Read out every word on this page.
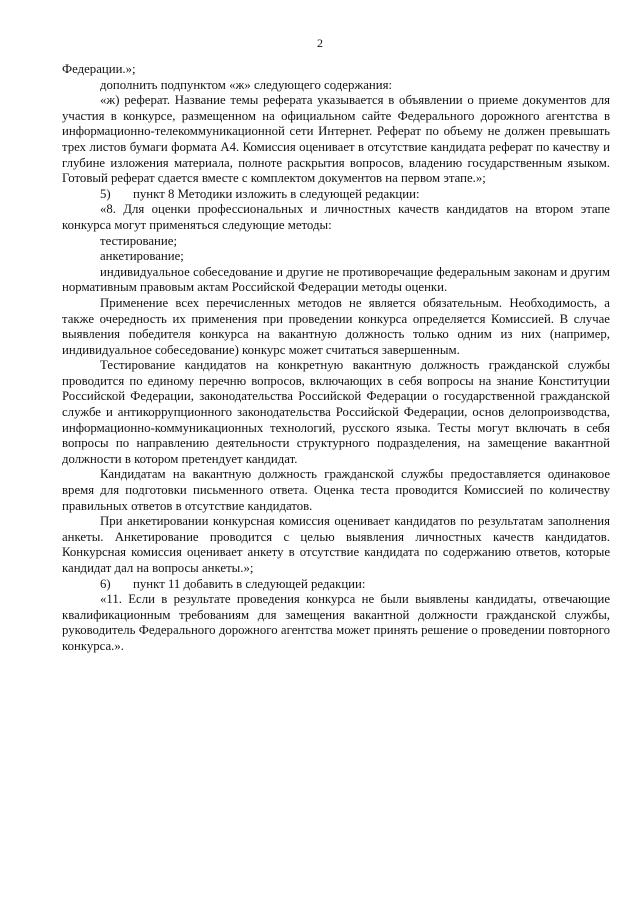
2

Федерации.»;

дополнить подпунктом «ж» следующего содержания:

«ж) реферат. Название темы реферата указывается в объявлении о приеме документов для участия в конкурсе, размещенном на официальном сайте Федерального дорожного агентства в информационно-телекоммуникационной сети Интернет. Реферат по объему не должен превышать трех листов бумаги формата А4. Комиссия оценивает в отсутствие кандидата реферат по качеству и глубине изложения материала, полноте раскрытия вопросов, владению государственным языком. Готовый реферат сдается вместе с комплектом документов на первом этапе.»;

5)       пункт 8 Методики изложить в следующей редакции:

«8. Для оценки профессиональных и личностных качеств кандидатов на втором этапе конкурса могут применяться следующие методы:

тестирование;

анкетирование;

индивидуальное собеседование и другие не противоречащие федеральным законам и другим нормативным правовым актам Российской Федерации методы оценки.

Применение всех перечисленных методов не является обязательным. Необходимость, а также очередность их применения при проведении конкурса определяется Комиссией. В случае выявления победителя конкурса на вакантную должность только одним из них (например, индивидуальное собеседование) конкурс может считаться завершенным.

Тестирование кандидатов на конкретную вакантную должность гражданской службы проводится по единому перечню вопросов, включающих в себя вопросы на знание Конституции Российской Федерации, законодательства Российской Федерации о государственной гражданской службе и антикоррупционного законодательства Российской Федерации, основ делопроизводства, информационно-коммуникационных технологий, русского языка. Тесты могут включать в себя вопросы по направлению деятельности структурного подразделения, на замещение вакантной должности в котором претендует кандидат.

Кандидатам на вакантную должность гражданской службы предоставляется одинаковое время для подготовки письменного ответа. Оценка теста проводится Комиссией по количеству правильных ответов в отсутствие кандидатов.

При анкетировании конкурсная комиссия оценивает кандидатов по результатам заполнения анкеты. Анкетирование проводится с целью выявления личностных качеств кандидатов. Конкурсная комиссия оценивает анкету в отсутствие кандидата по содержанию ответов, которые кандидат дал на вопросы анкеты.»;

6)       пункт 11 добавить в следующей редакции:

«11. Если в результате проведения конкурса не были выявлены кандидаты, отвечающие квалификационным требованиям для замещения вакантной должности гражданской службы, руководитель Федерального дорожного агентства может принять решение о проведении повторного конкурса.».
